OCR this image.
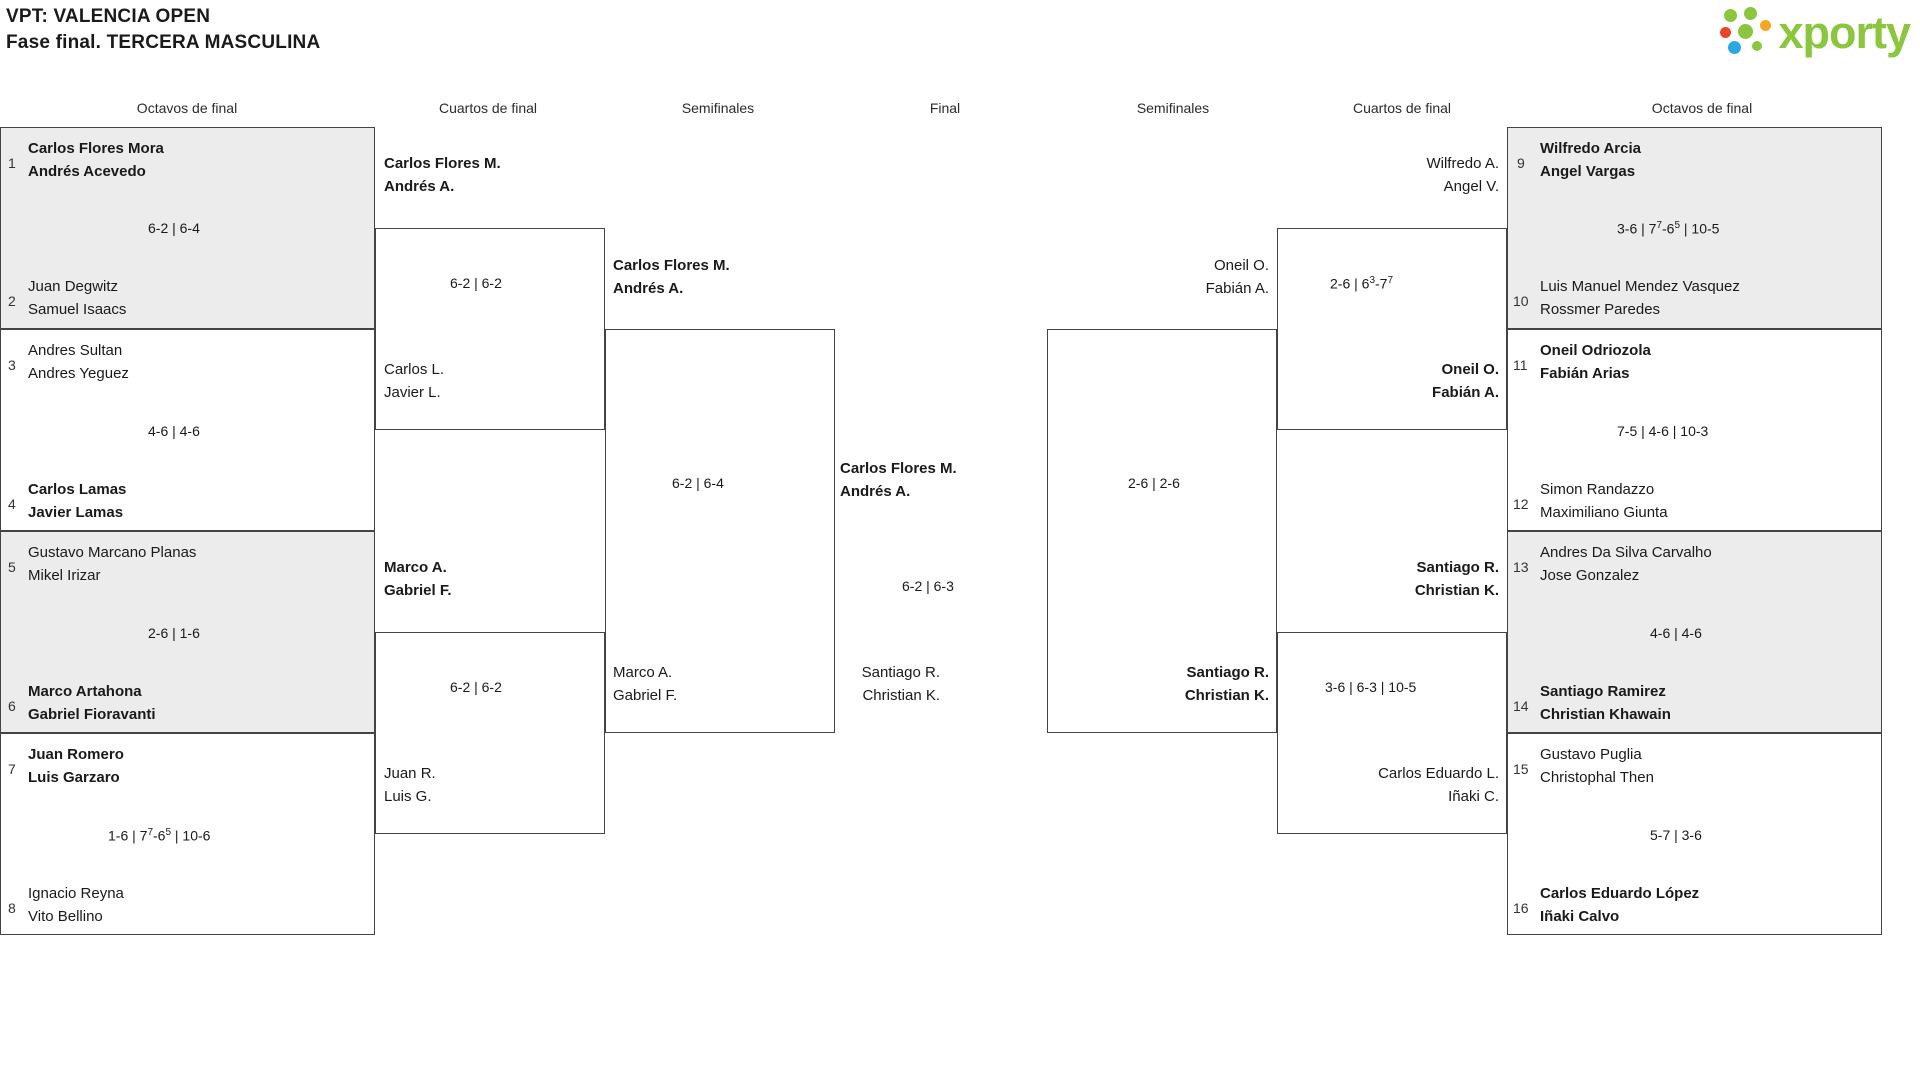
VPT: VALENCIA OPEN
Fase final. TERCERA MASCULINA	xporty
Octavos de final	Cuartos de final	Semifinales	Final	Semifinales	Cuartos de final	Octavos de final
1
Carlos Flores Mora
Andrés Acevedo
6-2 | 6-4
2
Juan Degwitz
Samuel Isaacs
3
Andres Sultan
Andres Yeguez
4-6 | 4-6
4
Carlos Lamas
Javier Lamas
5
Gustavo Marcano Planas
Mikel Irizar
2-6 | 1-6
6
Marco Artahona
Gabriel Fioravanti
7
Juan Romero
Luis Garzaro
1-6 | $7^7-6^5$ | 10-6
8
Ignacio Reyna
Vito Bellino
Carlos Flores M.
Andrés A.
6-2 | 6-2
Carlos L.
Javier L.
Marco A.
Gabriel F.
6-2 | 6-2
Juan R.
Luis G.
Carlos Flores M.
Andrés A.
6-2 | 6-4
Marco A.
Gabriel F.
Carlos Flores M.
Andrés A.
6-2 | 6-3
Santiago R.
Christian K.
Oneil O.
Fabián A.
2-6 | 2-6
Santiago R.
Christian K.
Wilfredo A.
Angel V.
2-6 | $6^3-7^7$
Oneil O.
Fabián A.
Santiago R.
Christian K.
3-6 | 6-3 | 10-5
Carlos Eduardo L.
Iñaki C.
9
Wilfredo Arcia
Angel Vargas
3-6 | $7^7-6^5$ | 10-5
10
Luis Manuel Mendez Vasquez
Rossmer Paredes
11
Oneil Odriozola
Fabián Arias
7-5 | 4-6 | 10-3
12
Simon Randazzo
Maximiliano Giunta
13
Andres Da Silva Carvalho
Jose Gonzalez
4-6 | 4-6
14
Santiago Ramirez
Christian Khawain
15
Gustavo Puglia
Christophal Then
5-7 | 3-6
16
Carlos Eduardo López
Iñaki Calvo
